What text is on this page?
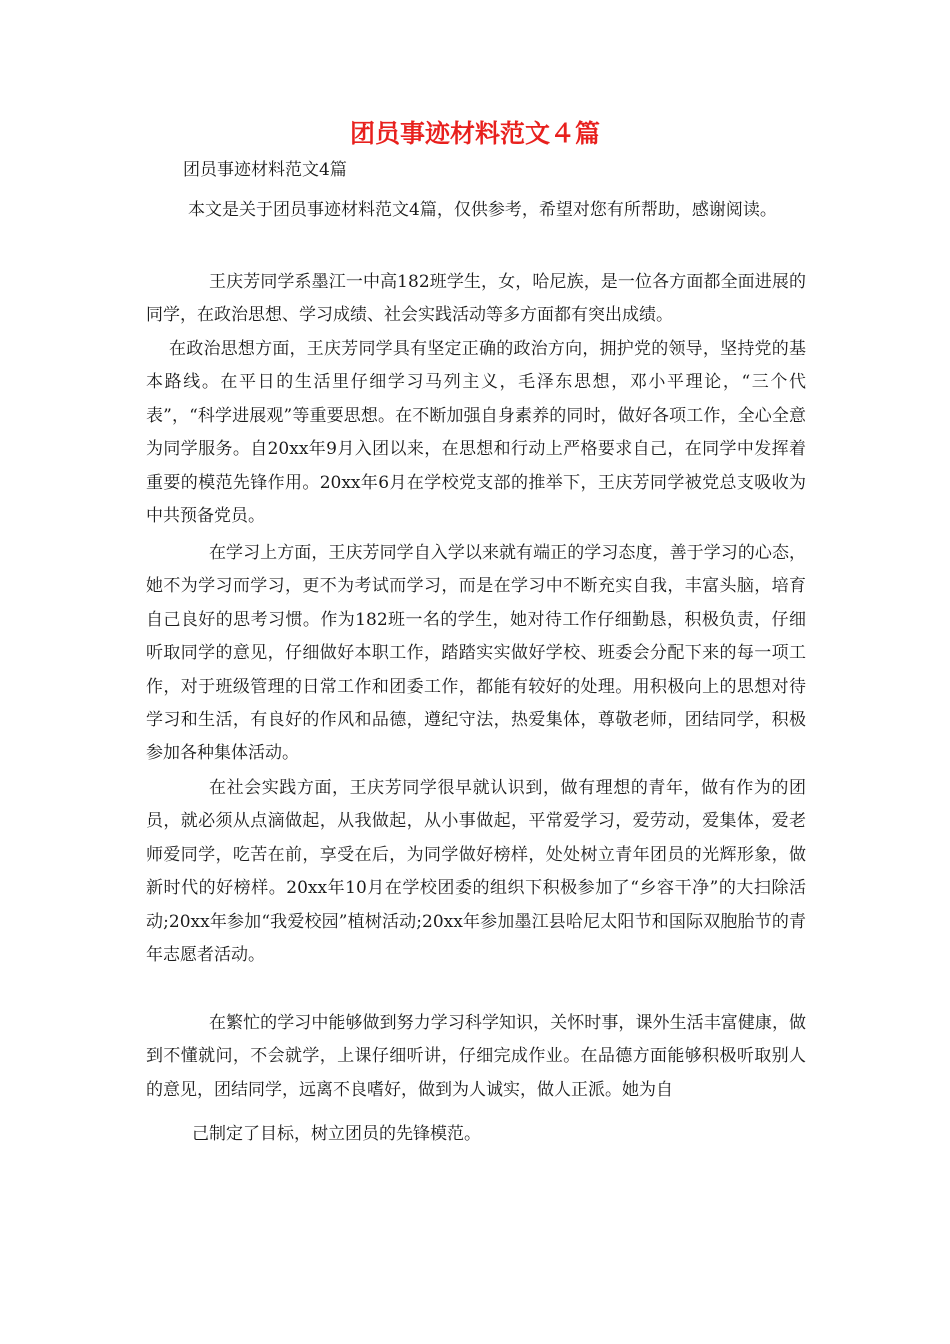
团员事迹材料范文４篇

团员事迹材料范文4篇

本文是关于团员事迹材料范文4篇，仅供参考，希望对您有所帮助，感谢阅读。

王庆芳同学系墨江一中高182班学生，女，哈尼族，是一位各方面都全面进展的同学，在政治思想、学习成绩、社会实践活动等多方面都有突出成绩。

在政治思想方面，王庆芳同学具有坚定正确的政治方向，拥护党的领导，坚持党的基本路线。在平日的生活里仔细学习马列主义，毛泽东思想，邓小平理论，“三个代表”，“科学进展观”等重要思想。在不断加强自身素养的同时，做好各项工作，全心全意为同学服务。自20xx年9月入团以来，在思想和行动上严格要求自己，在同学中发挥着重要的模范先锋作用。20xx年6月在学校党支部的推举下，王庆芳同学被党总支吸收为中共预备党员。

在学习上方面，王庆芳同学自入学以来就有端正的学习态度，善于学习的心态，她不为学习而学习，更不为考试而学习，而是在学习中不断充实自我，丰富头脑，培育自己良好的思考习惯。作为182班一名的学生，她对待工作仔细勤恳，积极负责，仔细听取同学的意见，仔细做好本职工作，踏踏实实做好学校、班委会分配下来的每一项工作，对于班级管理的日常工作和团委工作，都能有较好的处理。用积极向上的思想对待学习和生活，有良好的作风和品德，遵纪守法，热爱集体，尊敬老师，团结同学，积极参加各种集体活动。

在社会实践方面，王庆芳同学很早就认识到，做有理想的青年，做有作为的团员，就必须从点滴做起，从我做起，从小事做起，平常爱学习，爱劳动，爱集体，爱老师爱同学，吃苦在前，享受在后，为同学做好榜样，处处树立青年团员的光辉形象，做新时代的好榜样。20xx年10月在学校团委的组织下积极参加了“乡容干净”的大扫除活动;20xx年参加“我爱校园”植树活动;20xx年参加墨江县哈尼太阳节和国际双胞胎节的青年志愿者活动。

在繁忙的学习中能够做到努力学习科学知识，关怀时事，课外生活丰富健康，做到不懂就问，不会就学，上课仔细听讲，仔细完成作业。在品德方面能够积极听取别人的意见，团结同学，远离不良嗜好，做到为人诚实，做人正派。她为自

己制定了目标，树立团员的先锋模范。
